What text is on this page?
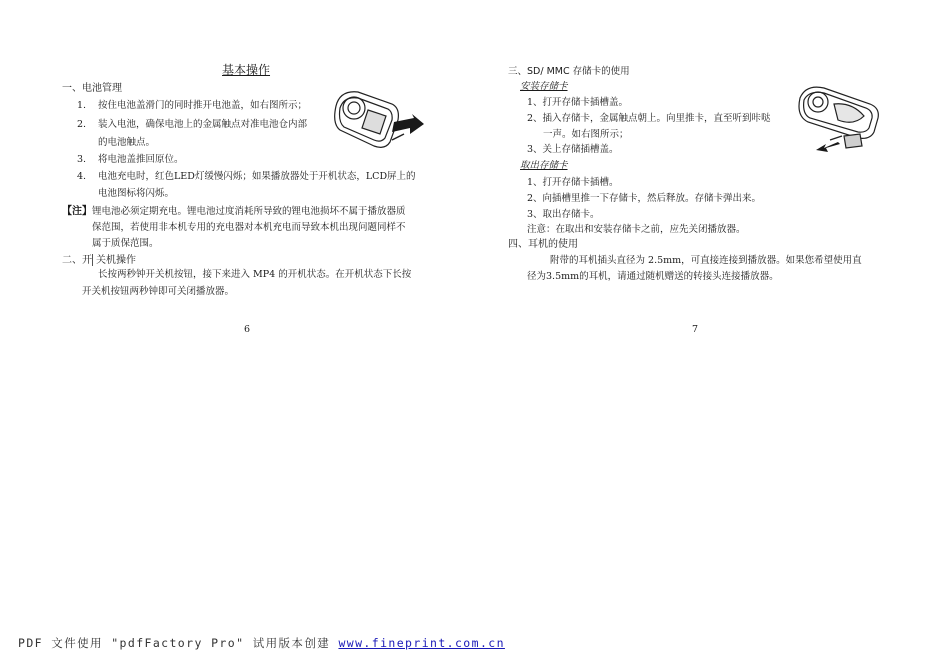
基本操作
一、电池管理
1. 按住电池盖滑门的同时推开电池盖，如右图所示；
2. 装入电池，确保电池上的金属触点对准电池仓内部
的电池触点。
3. 将电池盖推回原位。
4. 电池充电时，红色LED灯缓慢闪烁；如果播放器处于开机状态，LCD屏上的
电池图标将闪烁。
【注】 锂电池必须定期充电。锂电池过度消耗所导致的锂电池损坏不属于播放器质
保范围，若使用非本机专用的充电器对本机充电而导致本机出现问题同样不
属于质保范围。
二、开 关机操作
长按两秒钟开关机按钮，接下来进入 MP4 的开机状态。在开机状态下长按
开关机按钮两秒钟即可关闭播放器。
6
三、SD/ MMC 存储卡的使用
安装存储卡
1、打开存储卡插槽盖。
2、插入存储卡，金属触点朝上。向里推卡，直至听到咔哒
一声。如右图所示；
3、关上存储插槽盖。
取出存储卡
1、打开存储卡插槽。
2、向插槽里推一下存储卡，然后释放。存储卡弹出来。
3、取出存储卡。
注意：在取出和安装存储卡之前，应先关闭播放器。
四、耳机的使用
附带的耳机插头直径为 2.5mm，可直接连接到播放器。如果您希望使用直
径为3.5mm的耳机，请通过随机赠送的转接头连接播放器。
7
PDF 文件使用 "pdfFactory Pro" 试用版本创建 www.fineprint.com.cn
